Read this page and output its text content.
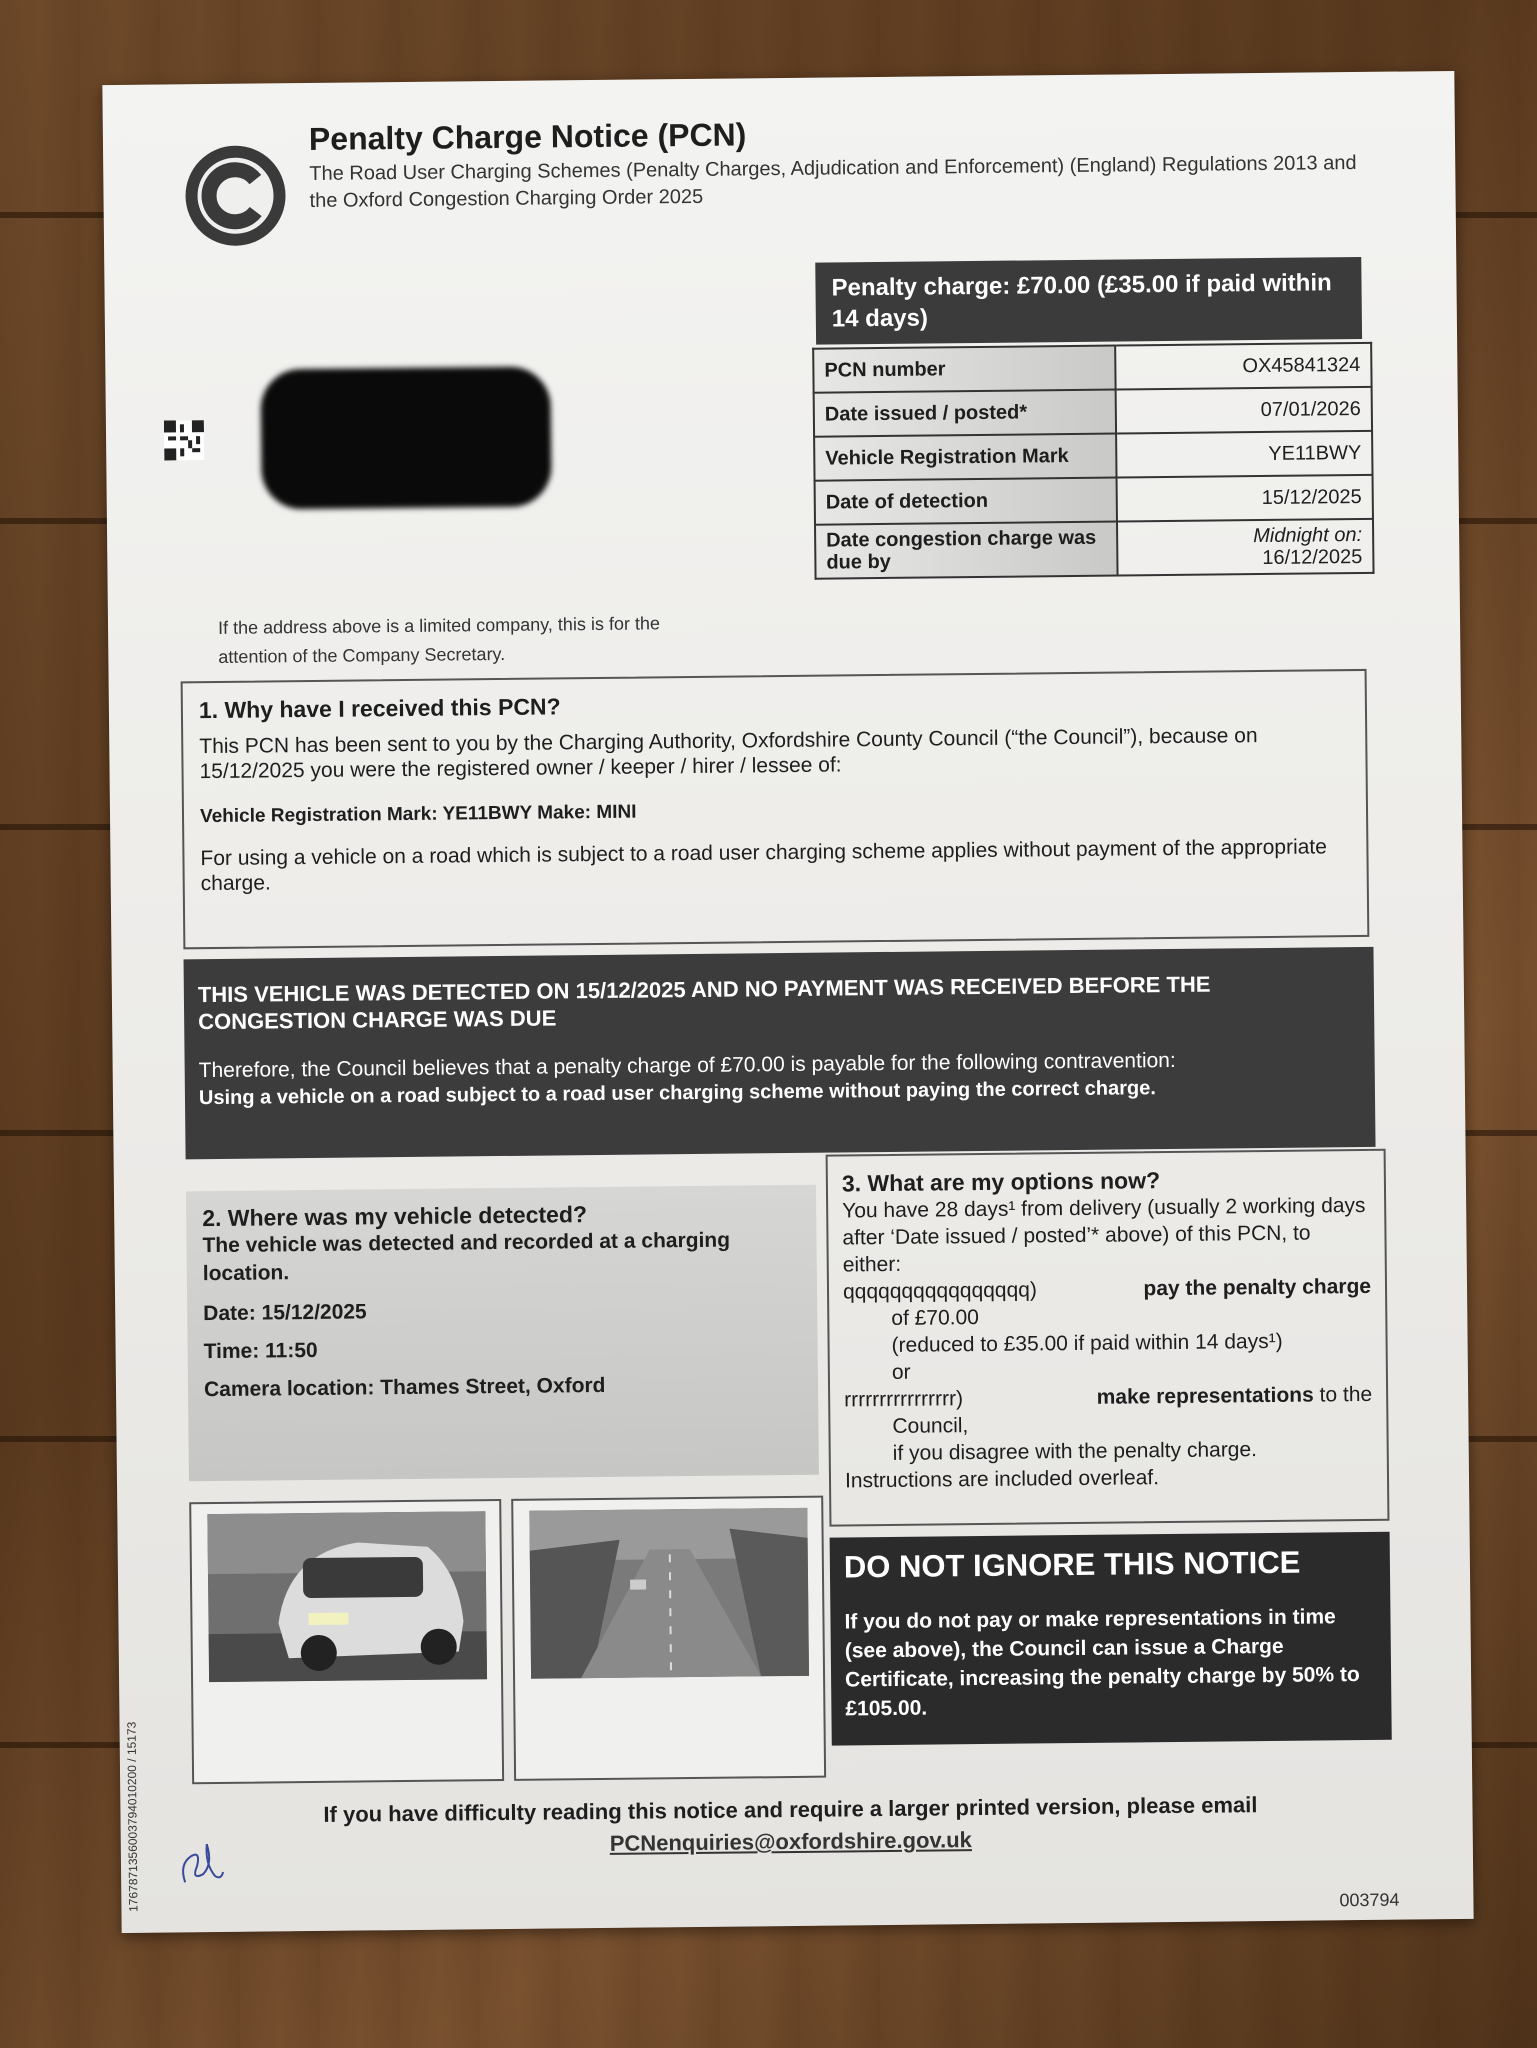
Penalty Charge Notice (PCN)
The Road User Charging Schemes (Penalty Charges, Adjudication and Enforcement) (England) Regulations 2013 and the Oxford Congestion Charging Order 2025
Penalty charge: £70.00 (£35.00 if paid within 14 days)
PCN number	OX45841324
Date issued / posted*	07/01/2026
Vehicle Registration Mark	YE11BWY
Date of detection	15/12/2025
Date congestion charge was due by	Midnight on:
16/12/2025
If the address above is a limited company, this is for the attention of the Company Secretary.
1. Why have I received this PCN?

This PCN has been sent to you by the Charging Authority, Oxfordshire County Council (“the Council”), because on 15/12/2025 you were the registered owner / keeper / hirer / lessee of:

Vehicle Registration Mark: YE11BWY Make: MINI

For using a vehicle on a road which is subject to a road user charging scheme applies without payment of the appropriate charge.

THIS VEHICLE WAS DETECTED ON 15/12/2025 AND NO PAYMENT WAS RECEIVED BEFORE THE CONGESTION CHARGE WAS DUE
Therefore, the Council believes that a penalty charge of £70.00 is payable for the following contravention:
Using a vehicle on a road subject to a road user charging scheme without paying the correct charge.
2. Where was my vehicle detected?
The vehicle was detected and recorded at a charging location.
Date: 15/12/2025
Time: 11:50
Camera location: Thames Street, Oxford
3. What are my options now?
You have 28 days¹ from delivery (usually 2 working days after ‘Date issued / posted’* above) of this PCN, to either:
qqqqqqqqqqqqqqqq)	pay the penalty charge
of £70.00
(reduced to £35.00 if paid within 14 days¹)
or
rrrrrrrrrrrrrrrr)	make representations to the
Council,
if you disagree with the penalty charge.
Instructions are included overleaf.
DO NOT IGNORE THIS NOTICE

If you do not pay or make representations in time (see above), the Council can issue a Charge Certificate, increasing the penalty charge by 50% to £105.00.

If you have difficulty reading this notice and require a larger printed version, please email
PCNenquiries@oxfordshire.gov.uk
003794
1767871356003794010200 / 15173
